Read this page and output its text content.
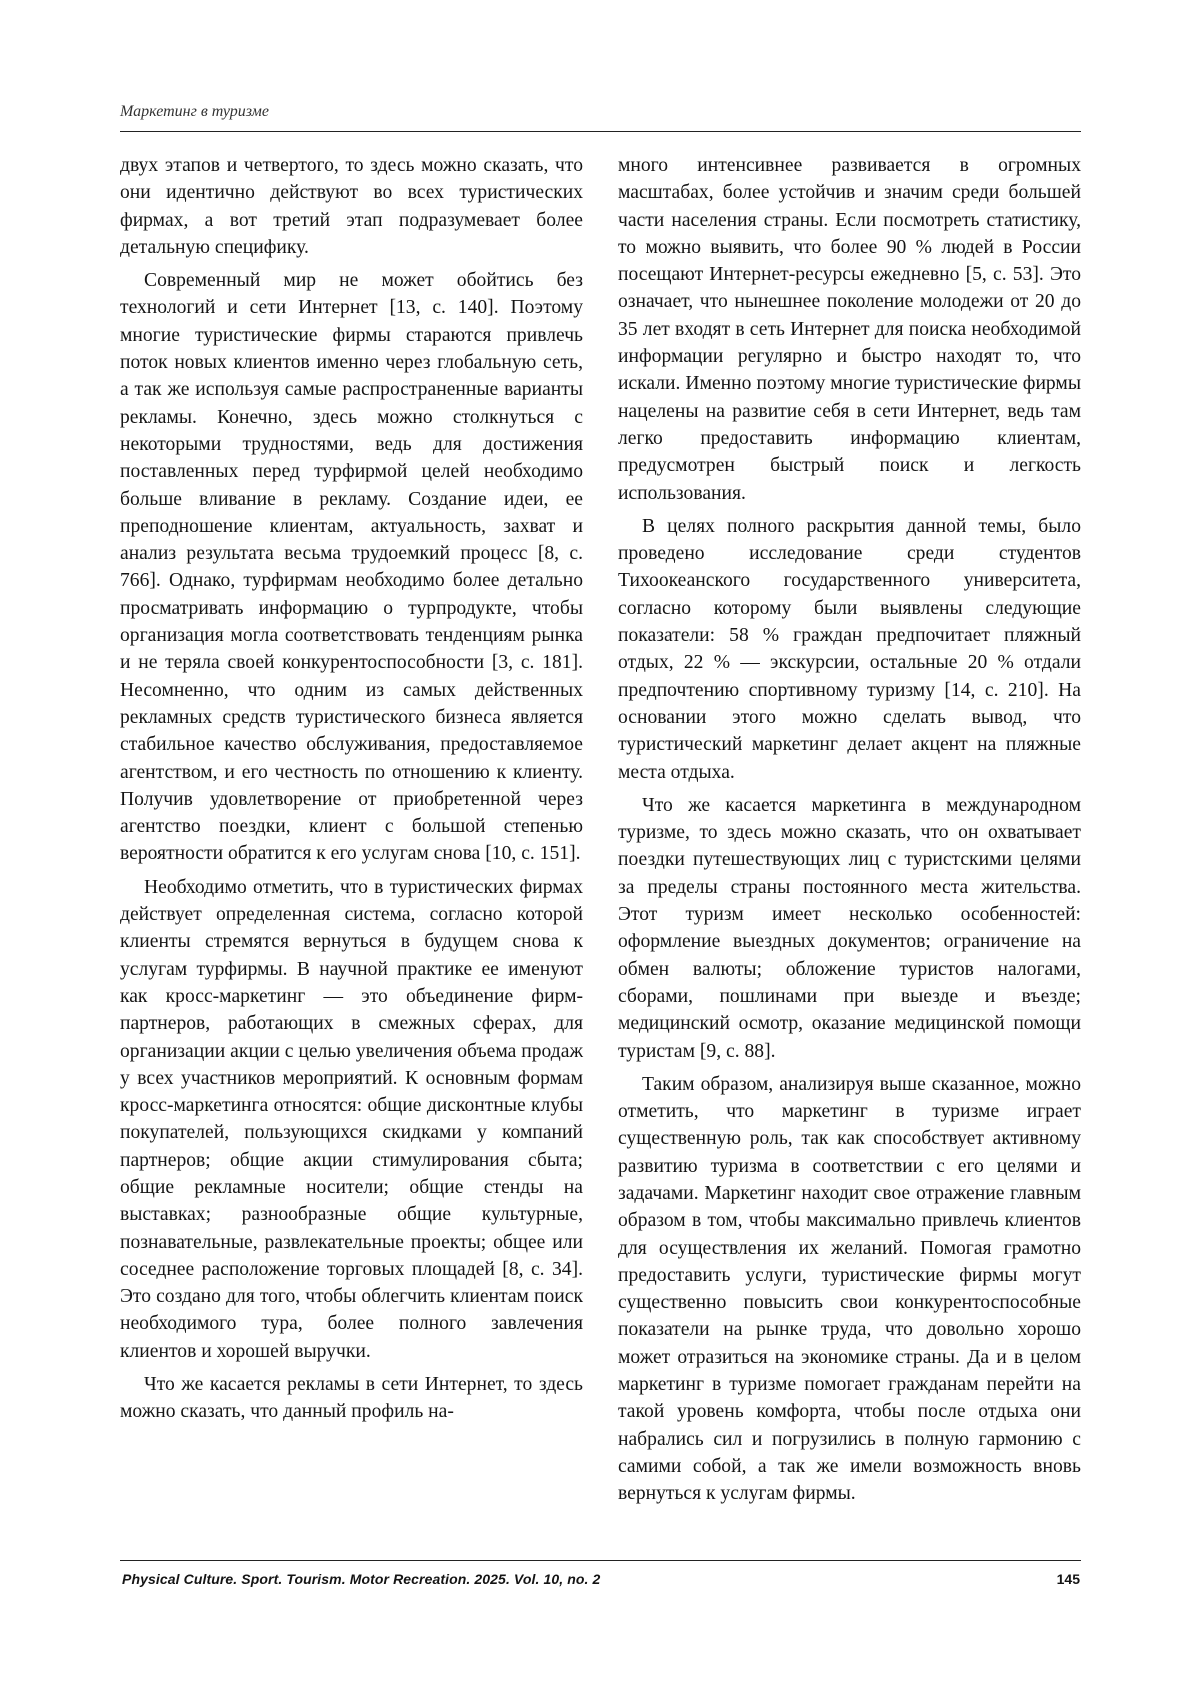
Маркетинг в туризме

двух этапов и четвертого, то здесь можно сказать, что они идентично действуют во всех туристических фирмах, а вот третий этап подразумевает более детальную специфику.

Современный мир не может обойтись без технологий и сети Интернет [13, с. 140]. Поэтому многие туристические фирмы стараются привлечь поток новых клиентов именно через глобальную сеть, а так же используя самые распространенные варианты рекламы. Конечно, здесь можно столкнуться с некоторыми трудностями, ведь для достижения поставленных перед турфирмой целей необходимо больше вливание в рекламу. Создание идеи, ее преподношение клиентам, актуальность, захват и анализ результата весьма трудоемкий процесс [8, с. 766]. Однако, турфирмам необходимо более детально просматривать информацию о турпродукте, чтобы организация могла соответствовать тенденциям рынка и не теряла своей конкурентоспособности [3, с. 181]. Несомненно, что одним из самых действенных рекламных средств туристического бизнеса является стабильное качество обслуживания, предоставляемое агентством, и его честность по отношению к клиенту. Получив удовлетворение от приобретенной через агентство поездки, клиент с большой степенью вероятности обратится к его услугам снова [10, с. 151].

Необходимо отметить, что в туристических фирмах действует определенная система, согласно которой клиенты стремятся вернуться в будущем снова к услугам турфирмы. В научной практике ее именуют как кросс-маркетинг — это объединение фирм-партнеров, работающих в смежных сферах, для организации акции с целью увеличения объема продаж у всех участников мероприятий. К основным формам кросс-маркетинга относятся: общие дисконтные клубы покупателей, пользующихся скидками у компаний партнеров; общие акции стимулирования сбыта; общие рекламные носители; общие стенды на выставках; разнообразные общие культурные, познавательные, развлекательные проекты; общее или соседнее расположение торговых площадей [8, с. 34]. Это создано для того, чтобы облегчить клиентам поиск необходимого тура, более полного завлечения клиентов и хорошей выручки.

Что же касается рекламы в сети Интернет, то здесь можно сказать, что данный профиль на-

много интенсивнее развивается в огромных масштабах, более устойчив и значим среди большей части населения страны. Если посмотреть статистику, то можно выявить, что более 90 % людей в России посещают Интернет-ресурсы ежедневно [5, с. 53]. Это означает, что нынешнее поколение молодежи от 20 до 35 лет входят в сеть Интернет для поиска необходимой информации регулярно и быстро находят то, что искали. Именно поэтому многие туристические фирмы нацелены на развитие себя в сети Интернет, ведь там легко предоставить информацию клиентам, предусмотрен быстрый поиск и легкость использования.

В целях полного раскрытия данной темы, было проведено исследование среди студентов Тихоокеанского государственного университета, согласно которому были выявлены следующие показатели: 58 % граждан предпочитает пляжный отдых, 22 % — экскурсии, остальные 20 % отдали предпочтению спортивному туризму [14, с. 210]. На основании этого можно сделать вывод, что туристический маркетинг делает акцент на пляжные места отдыха.

Что же касается маркетинга в международном туризме, то здесь можно сказать, что он охватывает поездки путешествующих лиц с туристскими целями за пределы страны постоянного места жительства. Этот туризм имеет несколько особенностей: оформление выездных документов; ограничение на обмен валюты; обложение туристов налогами, сборами, пошлинами при выезде и въезде; медицинский осмотр, оказание медицинской помощи туристам [9, с. 88].

Таким образом, анализируя выше сказанное, можно отметить, что маркетинг в туризме играет существенную роль, так как способствует активному развитию туризма в соответствии с его целями и задачами. Маркетинг находит свое отражение главным образом в том, чтобы максимально привлечь клиентов для осуществления их желаний. Помогая грамотно предоставить услуги, туристические фирмы могут существенно повысить свои конкурентоспособные показатели на рынке труда, что довольно хорошо может отразиться на экономике страны. Да и в целом маркетинг в туризме помогает гражданам перейти на такой уровень комфорта, чтобы после отдыха они набрались сил и погрузились в полную гармонию с самими собой, а так же имели возможность вновь вернуться к услугам фирмы.

Physical Culture. Sport. Tourism. Motor Recreation. 2025. Vol. 10, no. 2	145
